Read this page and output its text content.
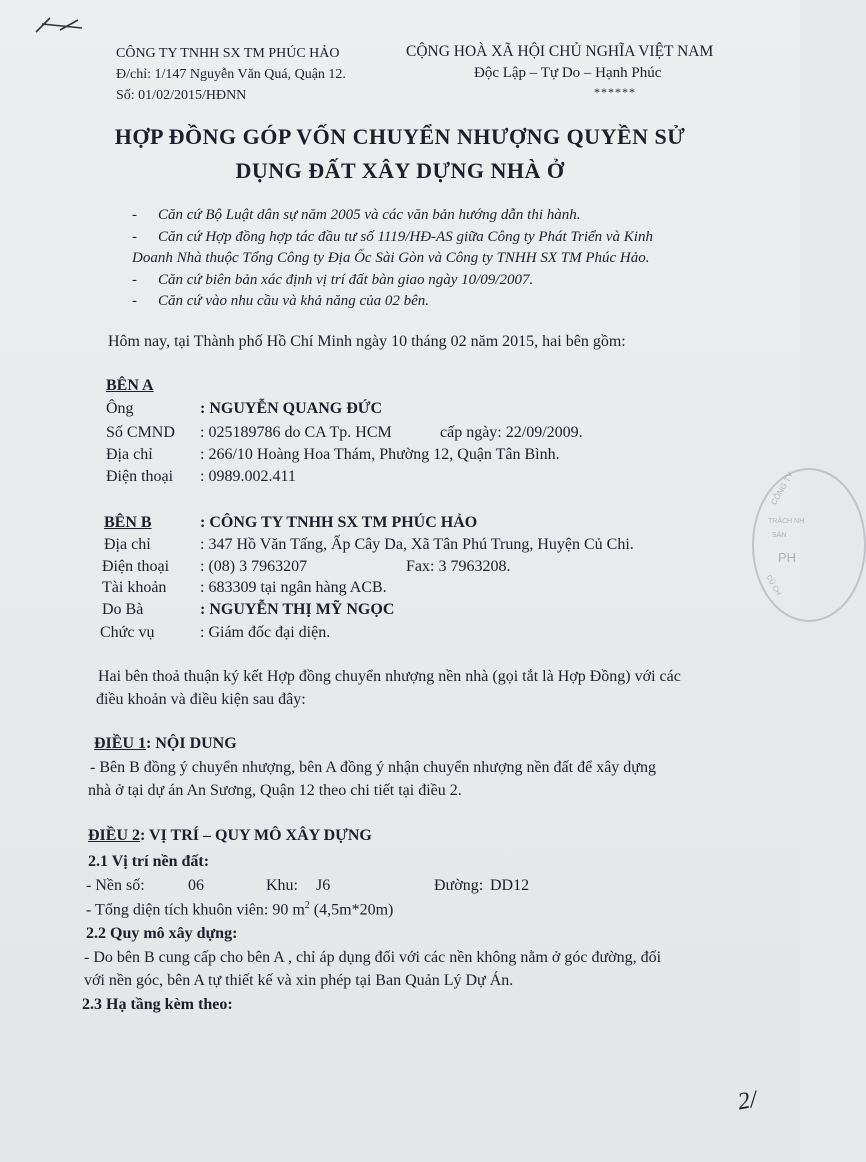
CÔNG TY TNHH SX TM PHÚC HẢO
Đ/chỉ: 1/147 Nguyễn Văn Quá, Quận 12.
Số: 01/02/2015/HĐNN
CỘNG HOÀ XÃ HỘI CHỦ NGHĨA VIỆT NAM
Độc Lập – Tự Do – Hạnh Phúc
******
HỢP ĐỒNG GÓP VỐN CHUYỂN NHƯỢNG QUYỀN SỬ
DỤNG ĐẤT XÂY DỰNG NHÀ Ở
- Căn cứ Bộ Luật dân sự năm 2005 và các văn bản hướng dẫn thi hành.
- Căn cứ Hợp đồng hợp tác đầu tư số 1119/HĐ-AS giữa Công ty Phát Triển và Kinh
Doanh Nhà thuộc Tổng Công ty Địa Ốc Sài Gòn và Công ty TNHH SX TM Phúc Hảo.
- Căn cứ biên bản xác định vị trí đất bàn giao ngày 10/09/2007.
- Căn cứ vào nhu cầu và khả năng của 02 bên.
Hôm nay, tại Thành phố Hồ Chí Minh ngày 10 tháng 02 năm 2015, hai bên gồm:
BÊN A
Ông	: NGUYỄN QUANG ĐỨC
Số CMND : 025189786 do CA Tp. HCM	cấp ngày: 22/09/2009.
Địa chỉ	: 266/10 Hoàng Hoa Thám, Phường 12, Quận Tân Bình.
Điện thoại : 0989.002.411
BÊN B	: CÔNG TY TNHH SX TM PHÚC HẢO
Địa chỉ	: 347 Hồ Văn Tấng, Ấp Cây Da, Xã Tân Phú Trung, Huyện Củ Chi.
Điện thoại : (08) 3 7963207	Fax: 3 7963208.
Tài khoản : 683309 tại ngân hàng ACB.
Do Bà	: NGUYỄN THỊ MỸ NGỌC
Chức vụ	: Giám đốc đại diện.
Hai bên thoả thuận ký kết Hợp đồng chuyển nhượng nền nhà (gọi tắt là Hợp Đồng) với các
điều khoản và điều kiện sau đây:
ĐIỀU 1: NỘI DUNG
- Bên B đồng ý chuyển nhượng, bên A đồng ý nhận chuyển nhượng nền đất để xây dựng
nhà ở tại dự án An Sương, Quận 12 theo chi tiết tại điều 2.
ĐIỀU 2: VỊ TRÍ – QUY MÔ XÂY DỰNG
2.1 Vị trí nền đất:
- Nền số:	06	Khu: J6	Đường: DD12
- Tổng diện tích khuôn viên: 90 $m^2$ (4,5m*20m)
2.2 Quy mô xây dựng:
- Do bên B cung cấp cho bên A , chỉ áp dụng đối với các nền không nằm ở góc đường, đối
với nền góc, bên A tự thiết kế và xin phép tại Ban Quản Lý Dự Án.
2.3 Hạ tầng kèm theo:
CÔNG TY
TRÁCH NH
SẢN
PH
CỦ CH
2/
